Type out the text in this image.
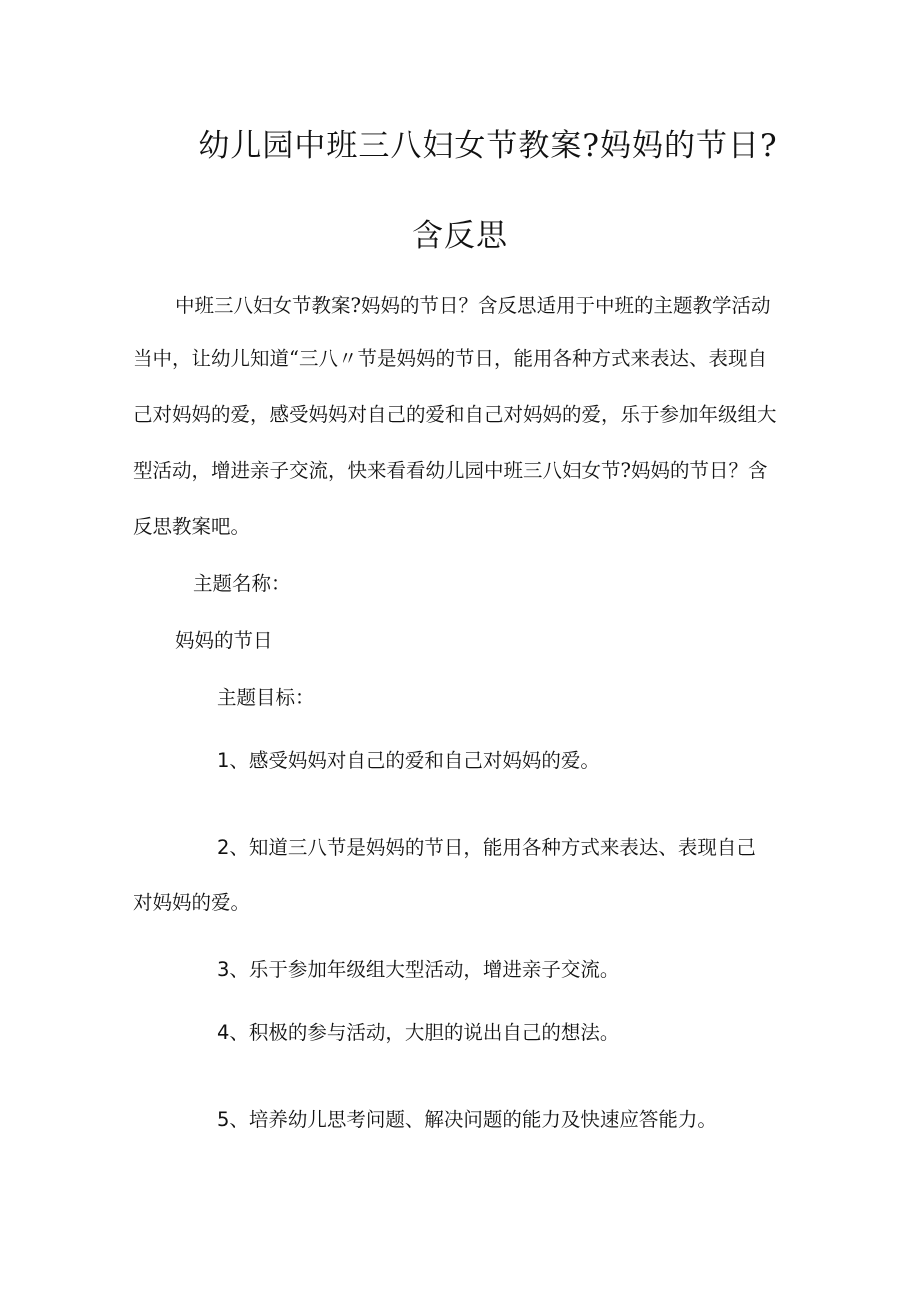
幼儿园中班三八妇女节教案?妈妈的节日?
含反思
中班三八妇女节教案?妈妈的节日？含反思适用于中班的主题教学活动
当中，让幼儿知道“三八〃节是妈妈的节日，能用各种方式来表达、表现自
己对妈妈的爱，感受妈妈对自己的爱和自己对妈妈的爱，乐于参加年级组大
型活动，增进亲子交流，快来看看幼儿园中班三八妇女节?妈妈的节日？含
反思教案吧。
主题名称：
妈妈的节日
主题目标：
1、感受妈妈对自己的爱和自己对妈妈的爱。
2、知道三八节是妈妈的节日，能用各种方式来表达、表现自己
对妈妈的爱。
3、乐于参加年级组大型活动，增进亲子交流。
4、积极的参与活动，大胆的说出自己的想法。
5、培养幼儿思考问题、解决问题的能力及快速应答能力。
